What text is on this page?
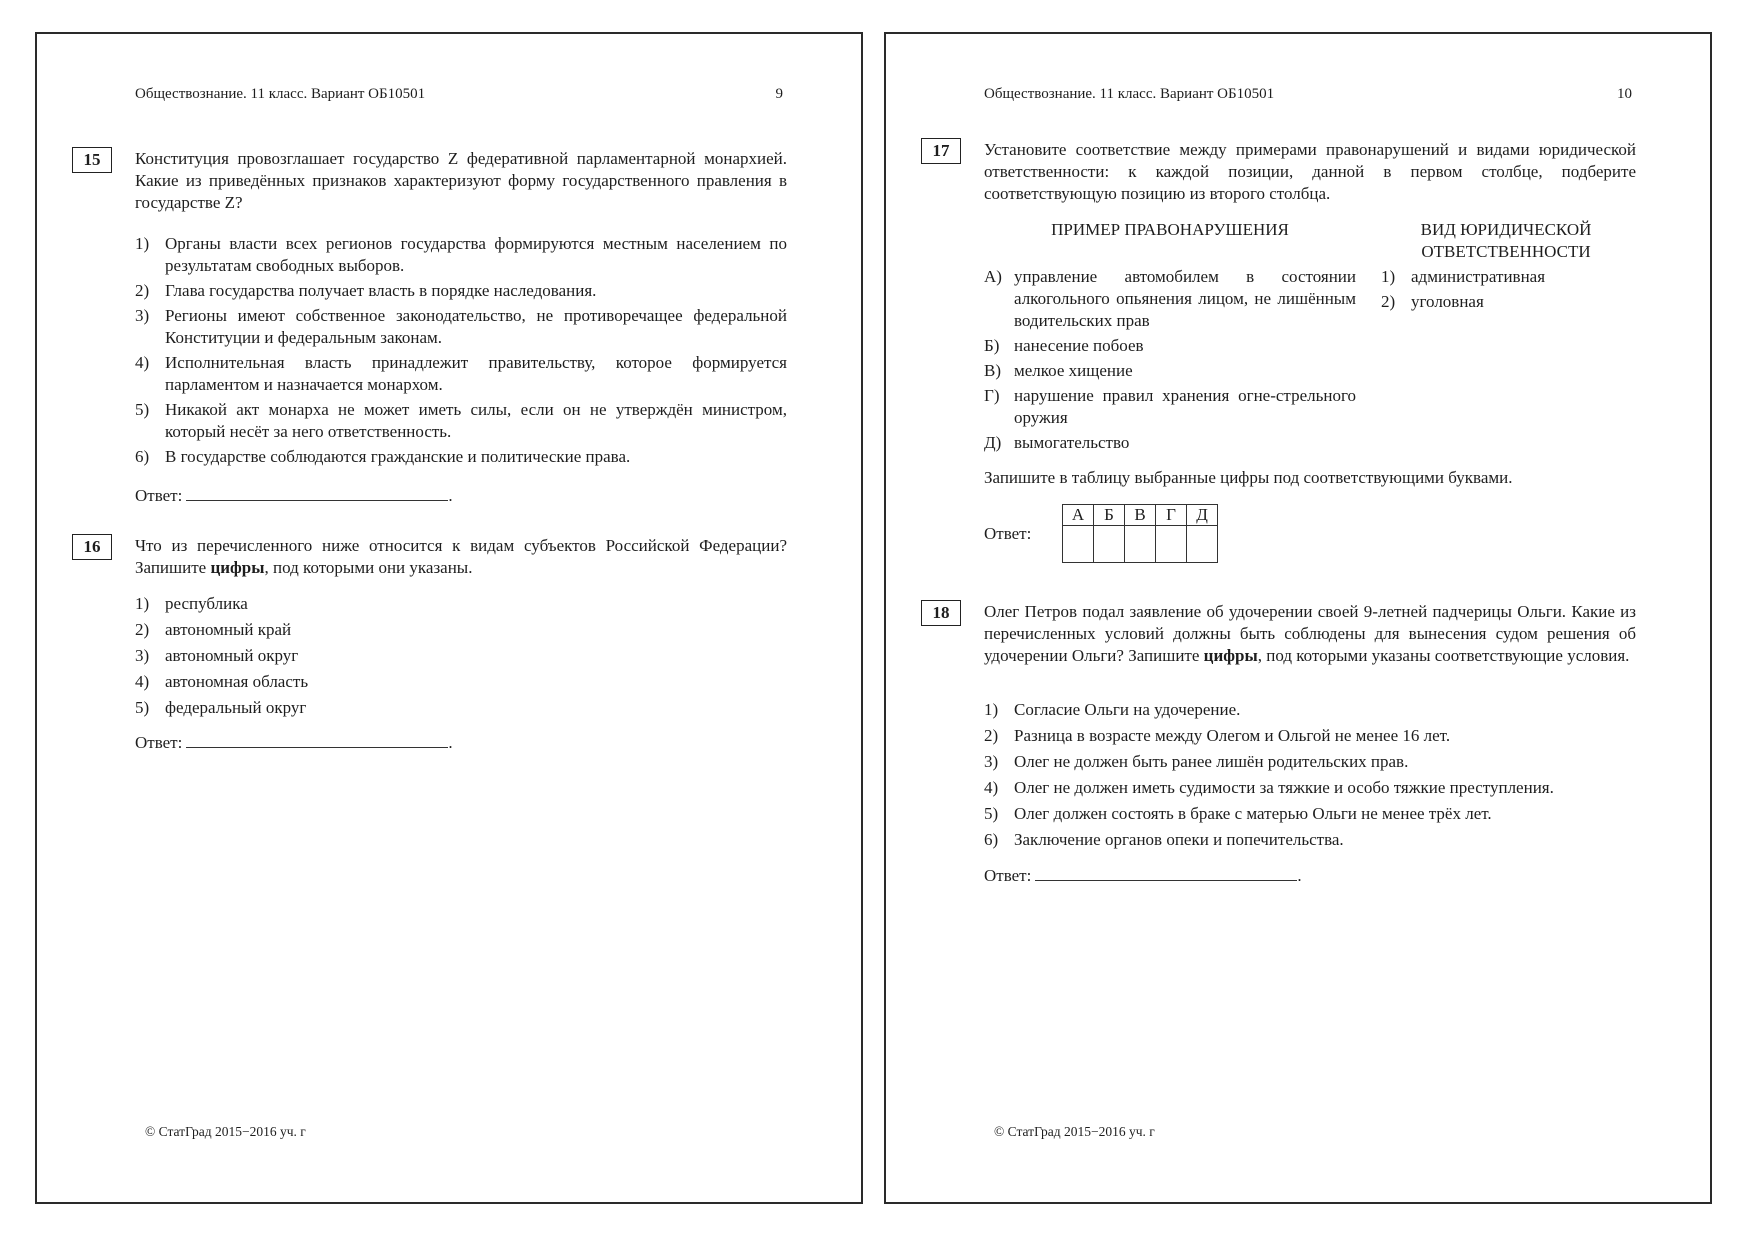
Обществознание. 11 класс. Вариант ОБ10501	9
15	Конституция провозглашает государство Z федеративной парламентарной монархией. Какие из приведённых признаков характеризуют форму государственного правления в государстве Z?

1) Органы власти всех регионов государства формируются местным населением по результатам свободных выборов.
2) Глава государства получает власть в порядке наследования.
3) Регионы имеют собственное законодательство, не противоречащее федеральной Конституции и федеральным законам.
4) Исполнительная власть принадлежит правительству, которое формируется парламентом и назначается монархом.
5) Никакой акт монарха не может иметь силы, если он не утверждён министром, который несёт за него ответственность.
6) В государстве соблюдаются гражданские и политические права.
Ответ:	.
16	Что из перечисленного ниже относится к видам субъектов Российской Федерации? Запишите цифры, под которыми они указаны.

1) республика
2) автономный край
3) автономный округ
4) автономная область
5) федеральный округ
Ответ:	.
© СтатГрад 2015−2016 уч. г
Обществознание. 11 класс. Вариант ОБ10501	10
17	Установите соответствие между примерами правонарушений и видами юридической ответственности: к каждой позиции, данной в первом столбце, подберите соответствующую позицию из второго столбца.

ПРИМЕР ПРАВОНАРУШЕНИЯ	ВИД ЮРИДИЧЕСКОЙ
ОТВЕТСТВЕННОСТИ
А) управление автомобилем в состоянии алкогольного опьянения лицом, не лишённым водительских прав
Б) нанесение побоев
В) мелкое хищение
Г) нарушение правил хранения огне-стрельного оружия
Д) вымогательство
1) административная
2) уголовная
Запишите в таблицу выбранные цифры под соответствующими буквами.
Ответ:
А	Б	В	Г	Д

18	Олег Петров подал заявление об удочерении своей 9-летней падчерицы Ольги. Какие из перечисленных условий должны быть соблюдены для вынесения судом решения об удочерении Ольги? Запишите цифры, под которыми указаны соответствующие условия.

1) Согласие Ольги на удочерение.
2) Разница в возрасте между Олегом и Ольгой не менее 16 лет.
3) Олег не должен быть ранее лишён родительских прав.
4) Олег не должен иметь судимости за тяжкие и особо тяжкие преступления.
5) Олег должен состоять в браке с матерью Ольги не менее трёх лет.
6) Заключение органов опеки и попечительства.
Ответ:	.
© СтатГрад 2015−2016 уч. г
